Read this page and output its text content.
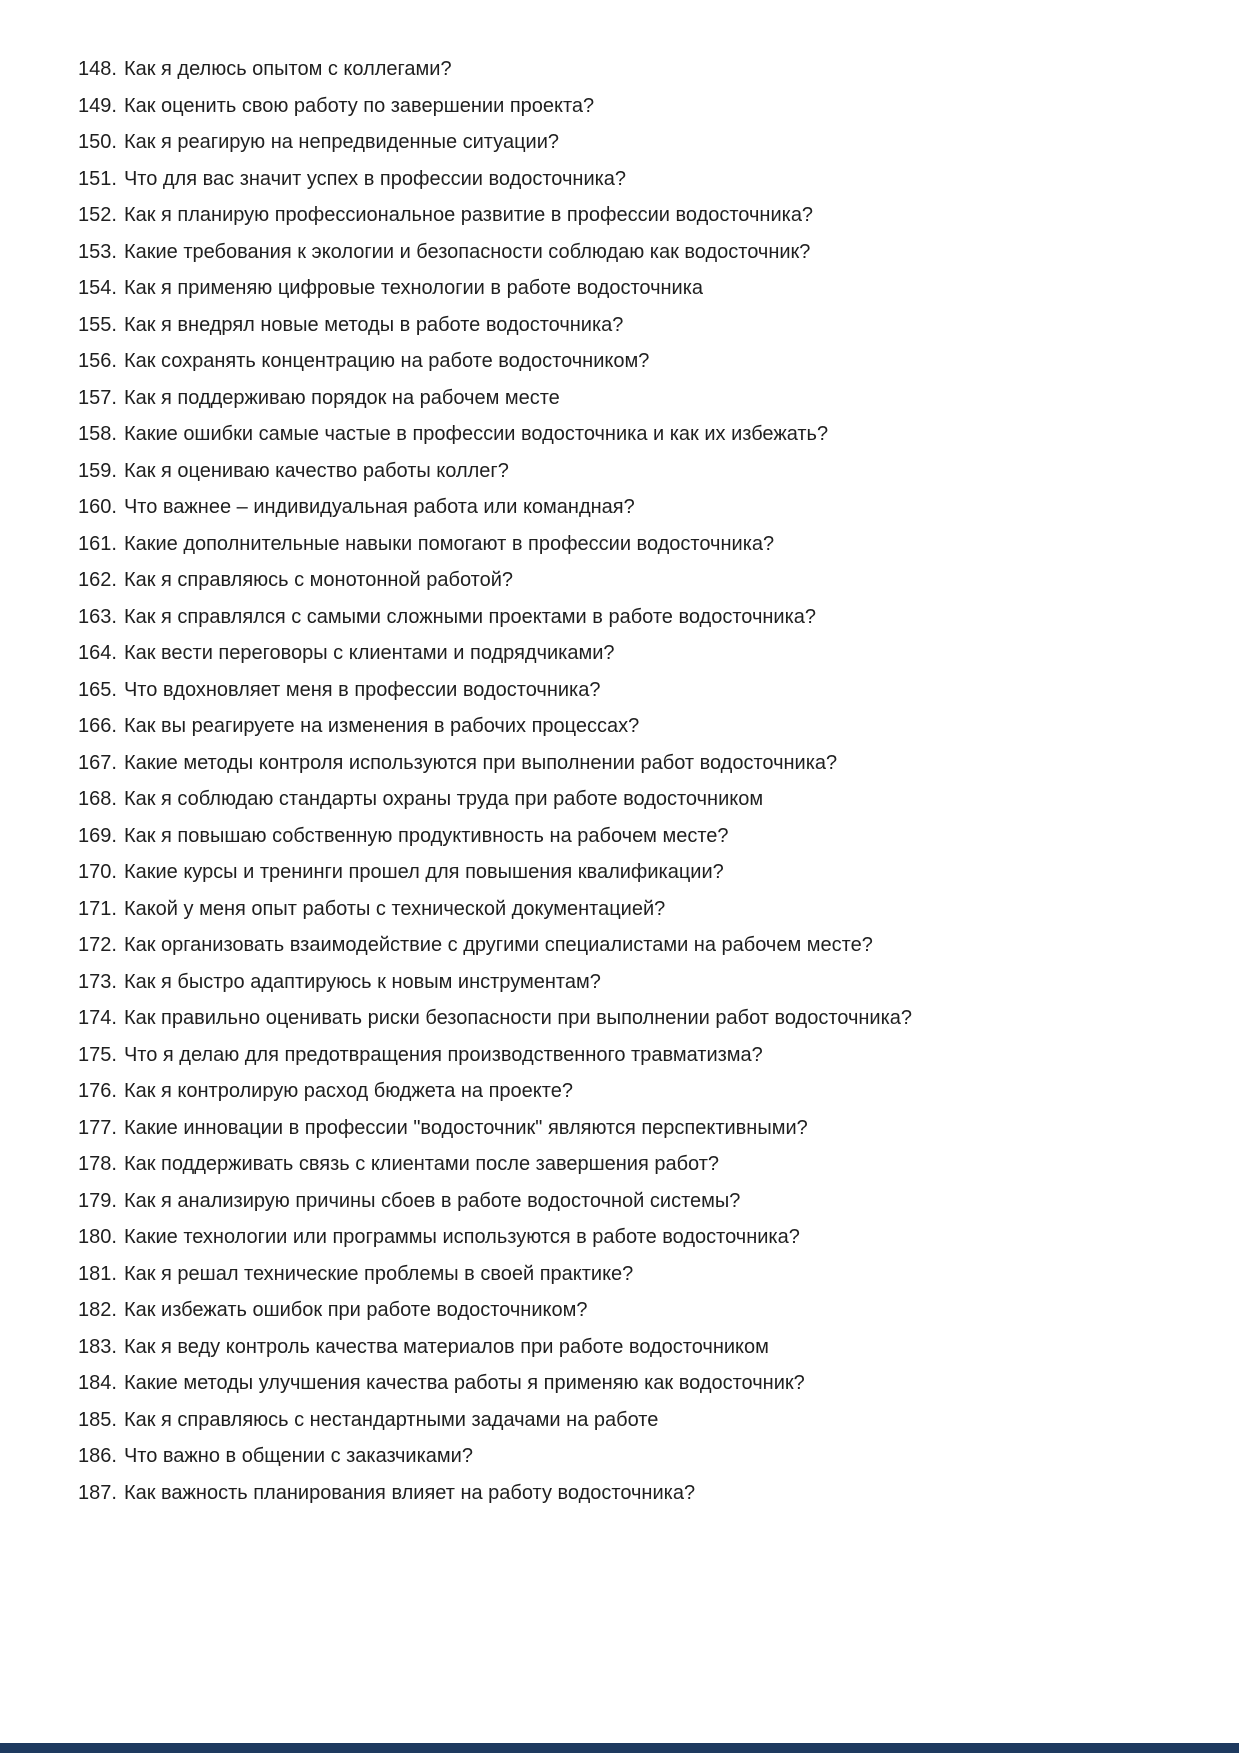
148. Как я делюсь опытом с коллегами?
149. Как оценить свою работу по завершении проекта?
150. Как я реагирую на непредвиденные ситуации?
151. Что для вас значит успех в профессии водосточника?
152. Как я планирую профессиональное развитие в профессии водосточника?
153. Какие требования к экологии и безопасности соблюдаю как водосточник?
154. Как я применяю цифровые технологии в работе водосточника
155. Как я внедрял новые методы в работе водосточника?
156. Как сохранять концентрацию на работе водосточником?
157. Как я поддерживаю порядок на рабочем месте
158. Какие ошибки самые частые в профессии водосточника и как их избежать?
159. Как я оцениваю качество работы коллег?
160. Что важнее – индивидуальная работа или командная?
161. Какие дополнительные навыки помогают в профессии водосточника?
162. Как я справляюсь с монотонной работой?
163. Как я справлялся с самыми сложными проектами в работе водосточника?
164. Как вести переговоры с клиентами и подрядчиками?
165. Что вдохновляет меня в профессии водосточника?
166. Как вы реагируете на изменения в рабочих процессах?
167. Какие методы контроля используются при выполнении работ водосточника?
168. Как я соблюдаю стандарты охраны труда при работе водосточником
169. Как я повышаю собственную продуктивность на рабочем месте?
170. Какие курсы и тренинги прошел для повышения квалификации?
171. Какой у меня опыт работы с технической документацией?
172. Как организовать взаимодействие с другими специалистами на рабочем месте?
173. Как я быстро адаптируюсь к новым инструментам?
174. Как правильно оценивать риски безопасности при выполнении работ водосточника?
175. Что я делаю для предотвращения производственного травматизма?
176. Как я контролирую расход бюджета на проекте?
177. Какие инновации в профессии "водосточник" являются перспективными?
178. Как поддерживать связь с клиентами после завершения работ?
179. Как я анализирую причины сбоев в работе водосточной системы?
180. Какие технологии или программы используются в работе водосточника?
181. Как я решал технические проблемы в своей практике?
182. Как избежать ошибок при работе водосточником?
183. Как я веду контроль качества материалов при работе водосточником
184. Какие методы улучшения качества работы я применяю как водосточник?
185. Как я справляюсь с нестандартными задачами на работе
186. Что важно в общении с заказчиками?
187. Как важность планирования влияет на работу водосточника?
